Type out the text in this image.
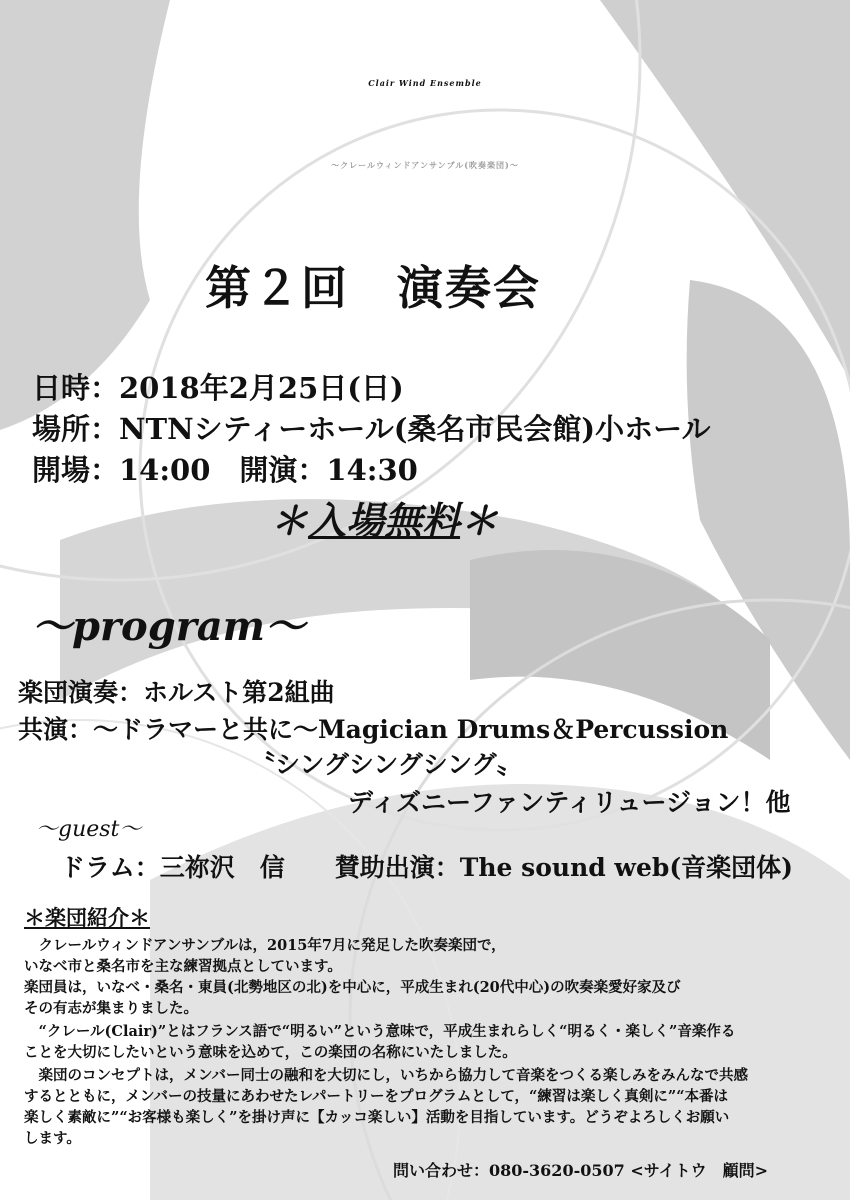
Clair Wind Ensemble
～クレールウィンドアンサンブル(吹奏楽団)～
第２回　演奏会
日時：2018年2月25日(日)
場所：NTNシティーホール(桑名市民会館)小ホール
開場：14:00　開演：14:30
＊入場無料＊
～program～
楽団演奏：ホルスト第2組曲
共演：～ドラマーと共に～Magician Drums＆Percussion
〝シングシングシング〟
ディズニーファンティリュージョン！他
～guest～
ドラム：三祢沢　信　　賛助出演：The sound web(音楽団体)
＊楽団紹介＊
　クレールウィンドアンサンブルは，2015年7月に発足した吹奏楽団で，
いなべ市と桑名市を主な練習拠点としています。
楽団員は，いなべ・桑名・東員(北勢地区の北)を中心に，平成生まれ(20代中心)の吹奏楽愛好家及び
その有志が集まりました。
　“クレール(Clair)”とはフランス語で“明るい”という意味で，平成生まれらしく“明るく・楽しく”音楽作る
ことを大切にしたいという意味を込めて，この楽団の名称にいたしました。
　楽団のコンセプトは，メンバー同士の融和を大切にし，いちから協力して音楽をつくる楽しみをみんなで共感
するとともに，メンバーの技量にあわせたレパートリーをプログラムとして，“練習は楽しく真剣に”“本番は
楽しく素敵に”“お客様も楽しく”を掛け声に【カッコ楽しい】活動を目指しています。どうぞよろしくお願い
します。
問い合わせ：080-3620-0507 <サイトウ　顧問>
